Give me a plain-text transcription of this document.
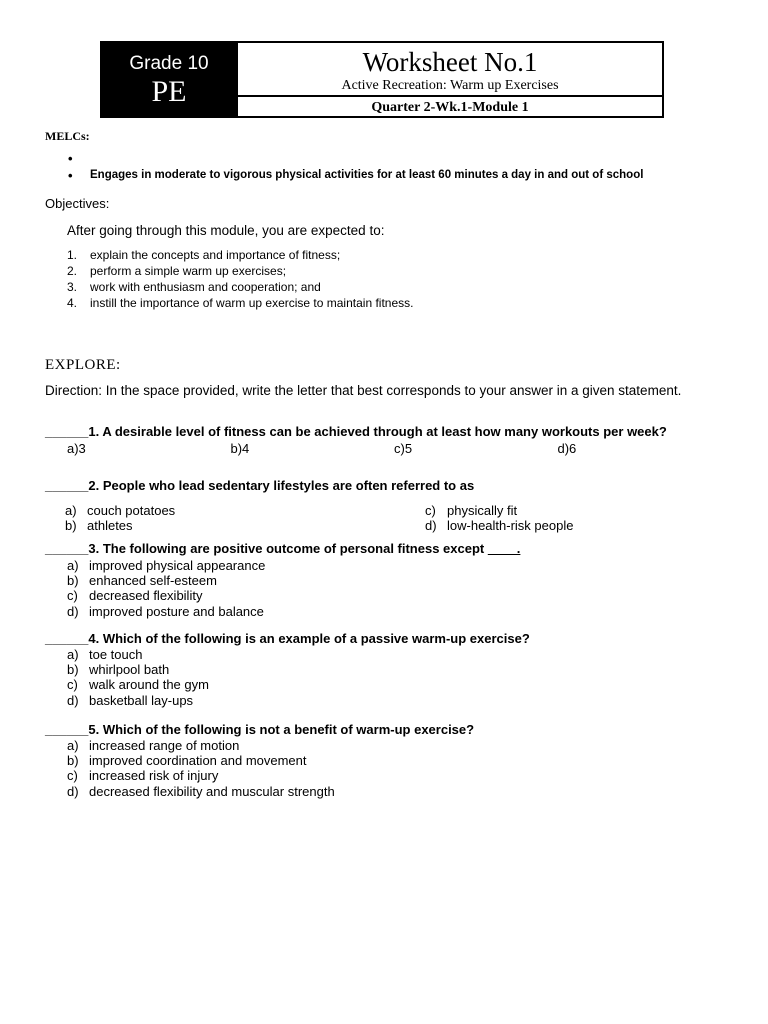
Grade 10
PE
Worksheet No.1
Active Recreation: Warm up Exercises
Quarter 2-Wk.1-Module 1
MELCs:
•
• Engages in moderate to vigorous physical activities for at least 60 minutes a day in and out of school
Objectives:
After going through this module, you are expected to:
1. explain the concepts and importance of fitness;
2. perform a simple warm up exercises;
3. work with enthusiasm and cooperation; and
4. instill the importance of warm up exercise to maintain fitness.
EXPLORE:
Direction: In the space provided, write the letter that best corresponds to your answer in a given statement.
______1. A desirable level of fitness can be achieved through at least how many workouts per week?
a)3	b)4	c)5	d)6
______2. People who lead sedentary lifestyles are often referred to as
a) couch potatoes	c) physically fit
b) athletes	d) low-health-risk people
______3. The following are positive outcome of personal fitness except ____.
a) improved physical appearance
b) enhanced self-esteem
c) decreased flexibility
d) improved posture and balance
______4. Which of the following is an example of a passive warm-up exercise?
a) toe touch
b) whirlpool bath
c) walk around the gym
d) basketball lay-ups
______5. Which of the following is not a benefit of warm-up exercise?
a) increased range of motion
b) improved coordination and movement
c) increased risk of injury
d) decreased flexibility and muscular strength
